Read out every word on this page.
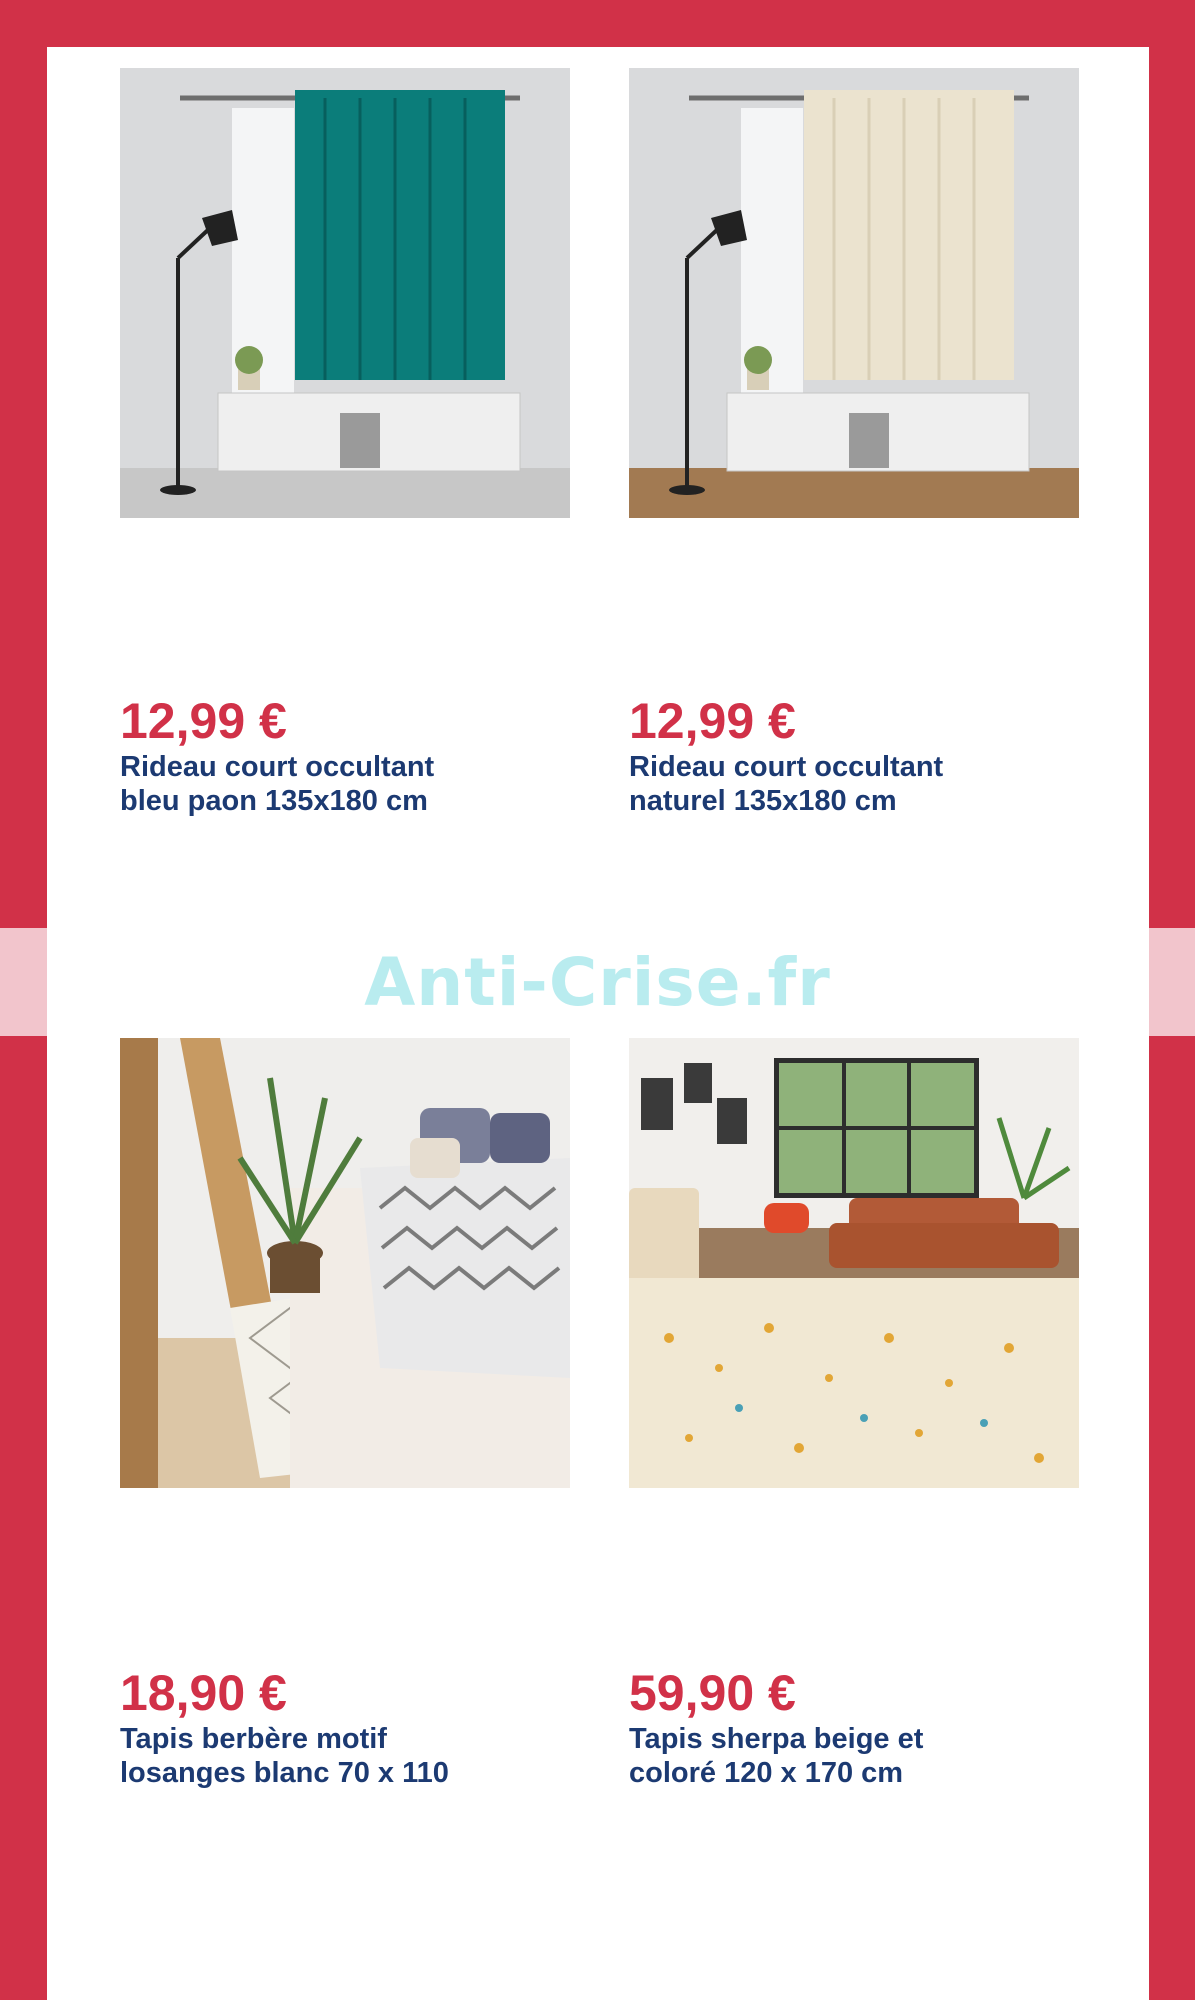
12,99 €
Rideau court occultant
bleu paon 135x180 cm
12,99 €
Rideau court occultant
naturel 135x180 cm
Anti-Crise.fr
18,90 €
Tapis berbère motif
losanges blanc 70 x 110
59,90 €
Tapis sherpa beige et
coloré 120 x 170 cm
